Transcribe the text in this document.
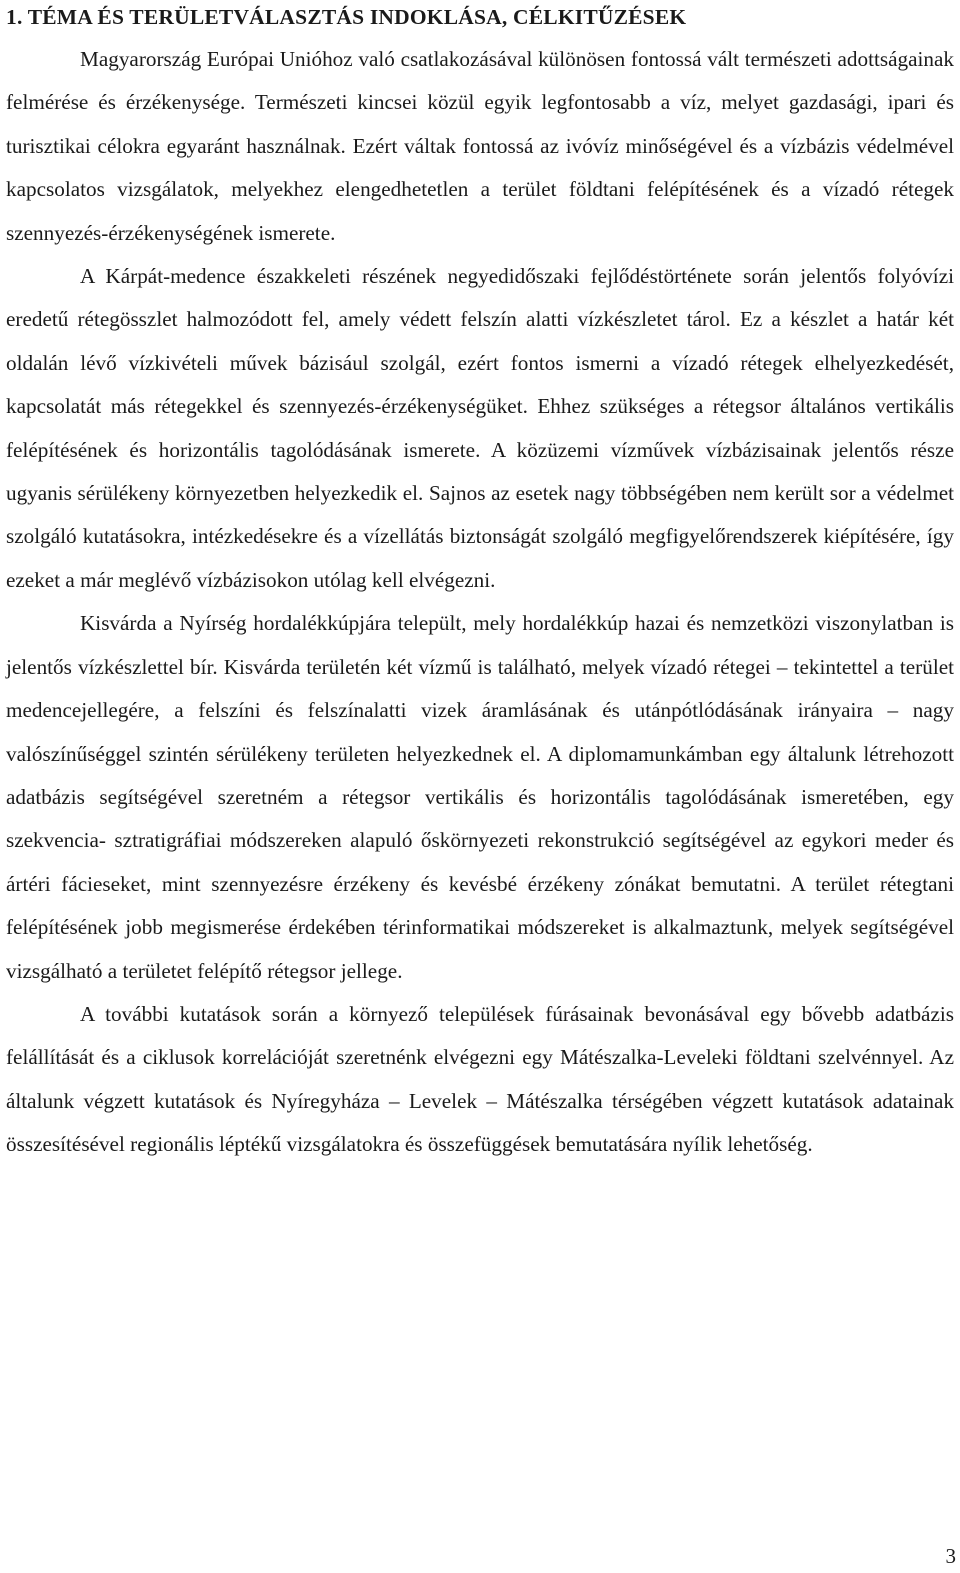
1. TÉMA ÉS TERÜLETVÁLASZTÁS INDOKLÁSA, CÉLKITŰZÉSEK

Magyarország Európai Unióhoz való csatlakozásával különösen fontossá vált természeti adottságainak felmérése és érzékenysége. Természeti kincsei közül egyik legfontosabb a víz, melyet gazdasági, ipari és turisztikai célokra egyaránt használnak. Ezért váltak fontossá az ivóvíz minőségével és a vízbázis védelmével kapcsolatos vizsgálatok, melyekhez elengedhetetlen a terület földtani felépítésének és a vízadó rétegek szennyezés-érzékenységének ismerete.

A Kárpát-medence északkeleti részének negyedidőszaki fejlődéstörténete során jelentős folyóvízi eredetű rétegösszlet halmozódott fel, amely védett felszín alatti vízkészletet tárol. Ez a készlet a határ két oldalán lévő vízkivételi művek bázisául szolgál, ezért fontos ismerni a vízadó rétegek elhelyezkedését, kapcsolatát más rétegekkel és szennyezés-érzékenységüket. Ehhez szükséges a rétegsor általános vertikális felépítésének és horizontális tagolódásának ismerete. A közüzemi vízművek vízbázisainak jelentős része ugyanis sérülékeny környezetben helyezkedik el. Sajnos az esetek nagy többségében nem került sor a védelmet szolgáló kutatásokra, intézkedésekre és a vízellátás biztonságát szolgáló megfigyelőrendszerek kiépítésére, így ezeket a már meglévő vízbázisokon utólag kell elvégezni.

Kisvárda a Nyírség hordalékkúpjára települt, mely hordalékkúp hazai és nemzetközi viszonylatban is jelentős vízkészlettel bír. Kisvárda területén két vízmű is található, melyek vízadó rétegei – tekintettel a terület medencejellegére, a felszíni és felszínalatti vizek áramlásának és utánpótlódásának irányaira – nagy valószínűséggel szintén sérülékeny területen helyezkednek el. A diplomamunkámban egy általunk létrehozott adatbázis segítségével szeretném a rétegsor vertikális és horizontális tagolódásának ismeretében, egy szekvencia- sztratigráfiai módszereken alapuló őskörnyezeti rekonstrukció segítségével az egykori meder és ártéri fácieseket, mint szennyezésre érzékeny és kevésbé érzékeny zónákat bemutatni. A terület rétegtani felépítésének jobb megismerése érdekében térinformatikai módszereket is alkalmaztunk, melyek segítségével vizsgálható a területet felépítő rétegsor jellege.

A további kutatások során a környező települések fúrásainak bevonásával egy bővebb adatbázis felállítását és a ciklusok korrelációját szeretnénk elvégezni egy Mátészalka-Leveleki földtani szelvénnyel. Az általunk végzett kutatások és Nyíregyháza – Levelek – Mátészalka térségében végzett kutatások adatainak összesítésével regionális léptékű vizsgálatokra és összefüggések bemutatására nyílik lehetőség.

3
